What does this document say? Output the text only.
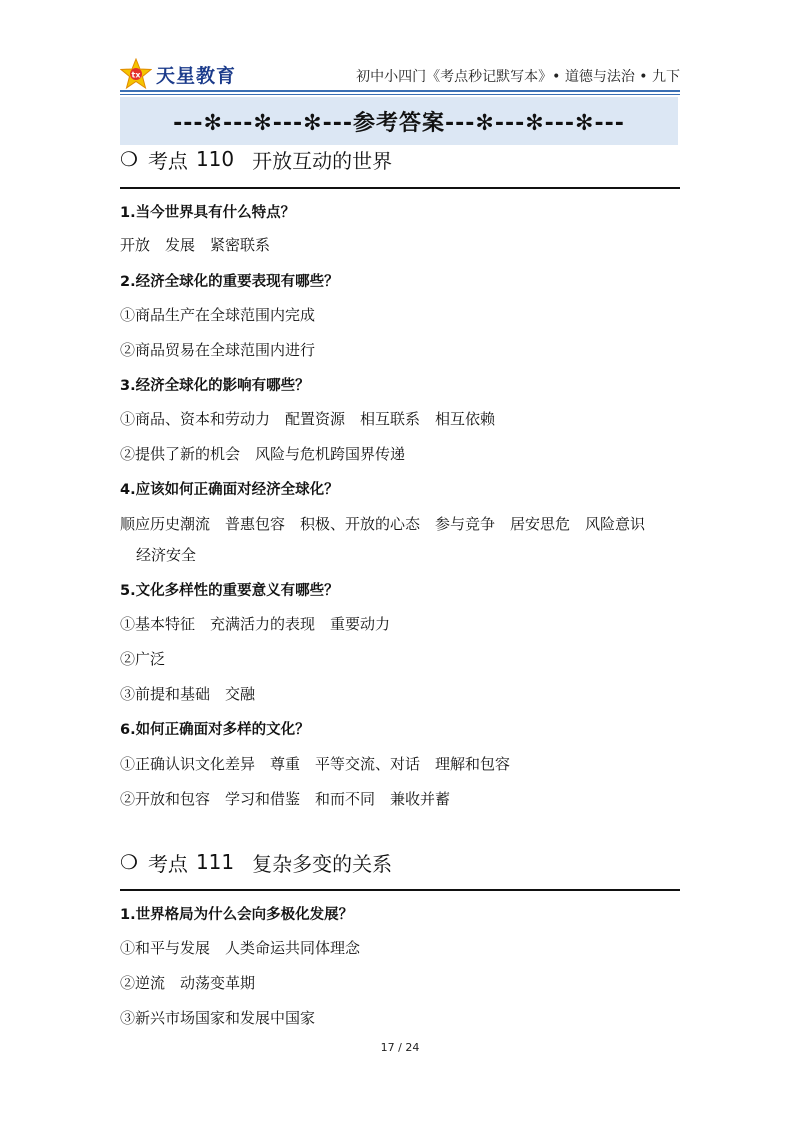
tx 天星教育	初中小四门《考点秒记默写本》• 道德与法治 • 九下
---✻---✻---✻---参考答案---✻---✻---✻---
❍ 考点 110 开放互动的世界
1.当今世界具有什么特点？
开放　发展　紧密联系
2.经济全球化的重要表现有哪些？
①商品生产在全球范围内完成
②商品贸易在全球范围内进行
3.经济全球化的影响有哪些？
①商品、资本和劳动力　配置资源　相互联系　相互依赖
②提供了新的机会　风险与危机跨国界传递
4.应该如何正确面对经济全球化？
顺应历史潮流　普惠包容　积极、开放的心态　参与竞争　居安思危　风险意识
经济安全
5.文化多样性的重要意义有哪些？
①基本特征　充满活力的表现　重要动力
②广泛
③前提和基础　交融
6.如何正确面对多样的文化？
①正确认识文化差异　尊重　平等交流、对话　理解和包容
②开放和包容　学习和借鉴　和而不同　兼收并蓄
❍ 考点 111 复杂多变的关系
1.世界格局为什么会向多极化发展？
①和平与发展　人类命运共同体理念
②逆流　动荡变革期
③新兴市场国家和发展中国家
17 / 24
